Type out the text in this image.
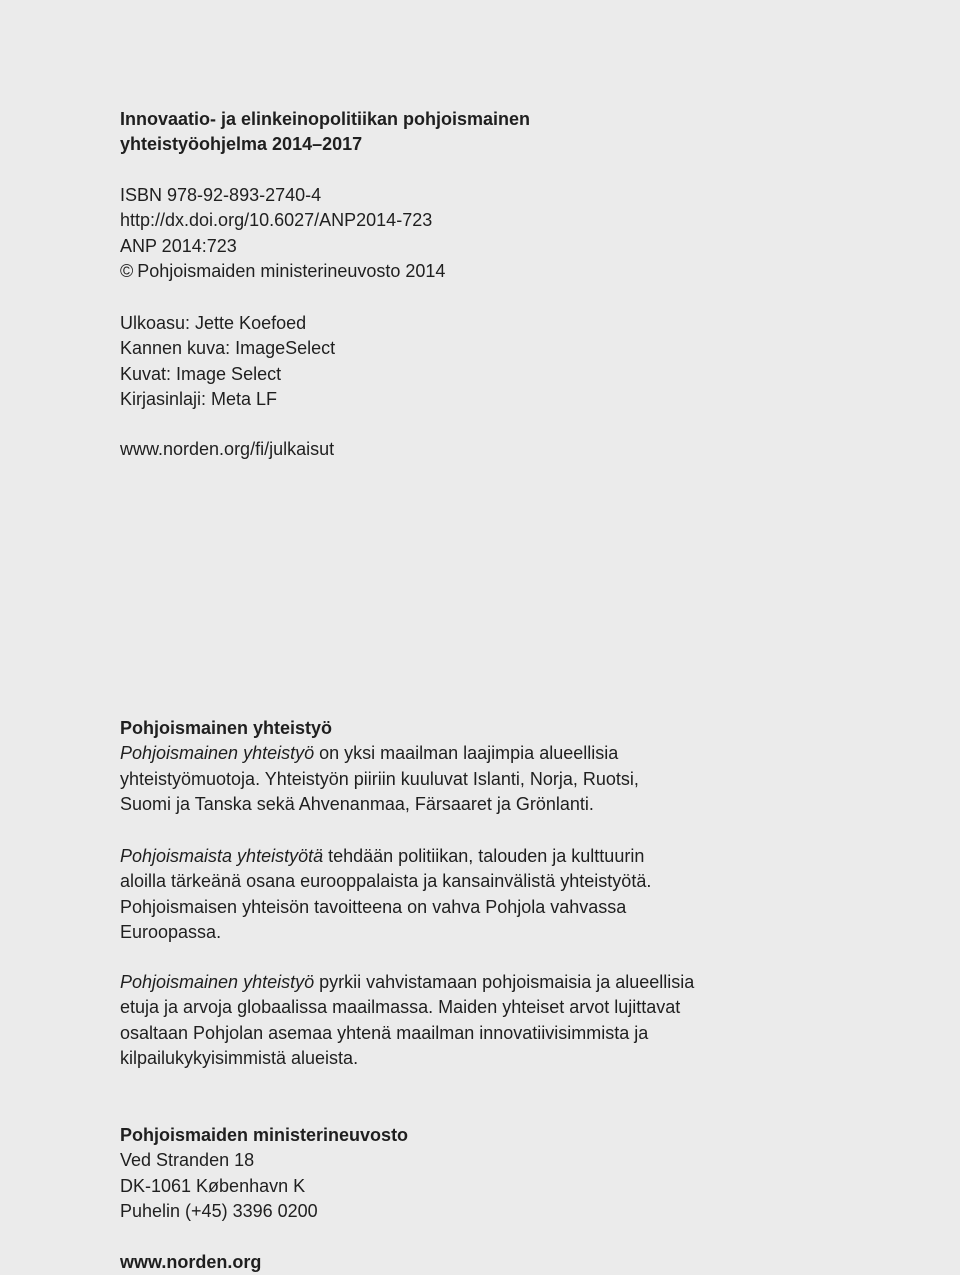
Innovaatio- ja elinkeinopolitiikan pohjoismainen
yhteistyöohjelma 2014–2017
ISBN 978-92-893-2740-4
http://dx.doi.org/10.6027/ANP2014-723
ANP 2014:723
© Pohjoismaiden ministerineuvosto 2014
Ulkoasu: Jette Koefoed
Kannen kuva: ImageSelect
Kuvat: Image Select
Kirjasinlaji: Meta LF
www.norden.org/fi/julkaisut
Pohjoismainen yhteistyö
Pohjoismainen yhteistyö on yksi maailman laajimpia alueellisia
yhteistyömuotoja. Yhteistyön piiriin kuuluvat Islanti, Norja, Ruotsi,
Suomi ja Tanska sekä Ahvenanmaa, Färsaaret ja Grönlanti.
Pohjoismaista yhteistyötä tehdään politiikan, talouden ja kulttuurin
aloilla tärkeänä osana eurooppalaista ja kansainvälistä yhteistyötä.
Pohjoismaisen yhteisön tavoitteena on vahva Pohjola vahvassa
Euroopassa.
Pohjoismainen yhteistyö pyrkii vahvistamaan pohjoismaisia ja alueellisia
etuja ja arvoja globaalissa maailmassa. Maiden yhteiset arvot lujittavat
osaltaan Pohjolan asemaa yhtenä maailman innovatiivisimmista ja
kilpailukykyisimmistä alueista.
Pohjoismaiden ministerineuvosto
Ved Stranden 18
DK-1061 København K
Puhelin (+45) 3396 0200
www.norden.org
